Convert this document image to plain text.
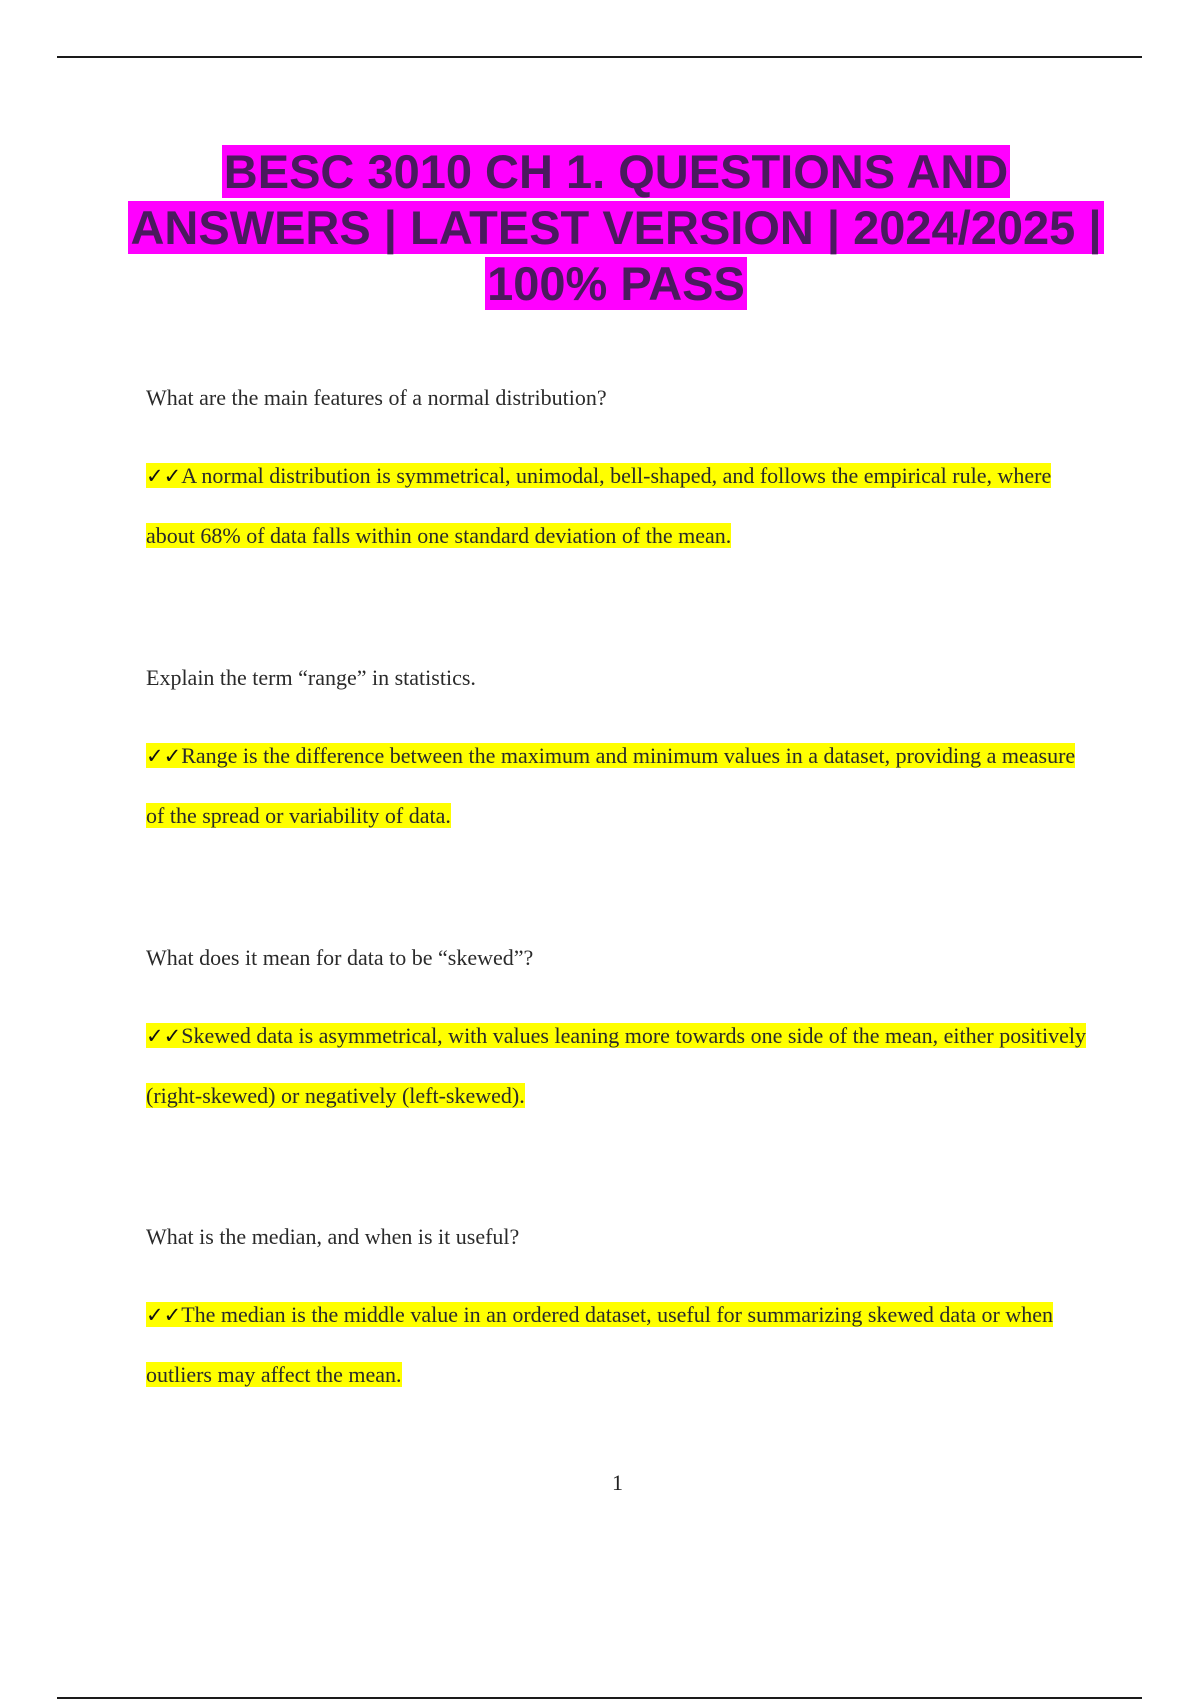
BESC 3010 CH 1. QUESTIONS AND ANSWERS | LATEST VERSION | 2024/2025 | 100% PASS

What are the main features of a normal distribution?

✓✓A normal distribution is symmetrical, unimodal, bell-shaped, and follows the empirical rule, where about 68% of data falls within one standard deviation of the mean.

Explain the term “range” in statistics.

✓✓Range is the difference between the maximum and minimum values in a dataset, providing a measure of the spread or variability of data.

What does it mean for data to be “skewed”?

✓✓Skewed data is asymmetrical, with values leaning more towards one side of the mean, either positively (right-skewed) or negatively (left-skewed).

What is the median, and when is it useful?

✓✓The median is the middle value in an ordered dataset, useful for summarizing skewed data or when outliers may affect the mean.

1
